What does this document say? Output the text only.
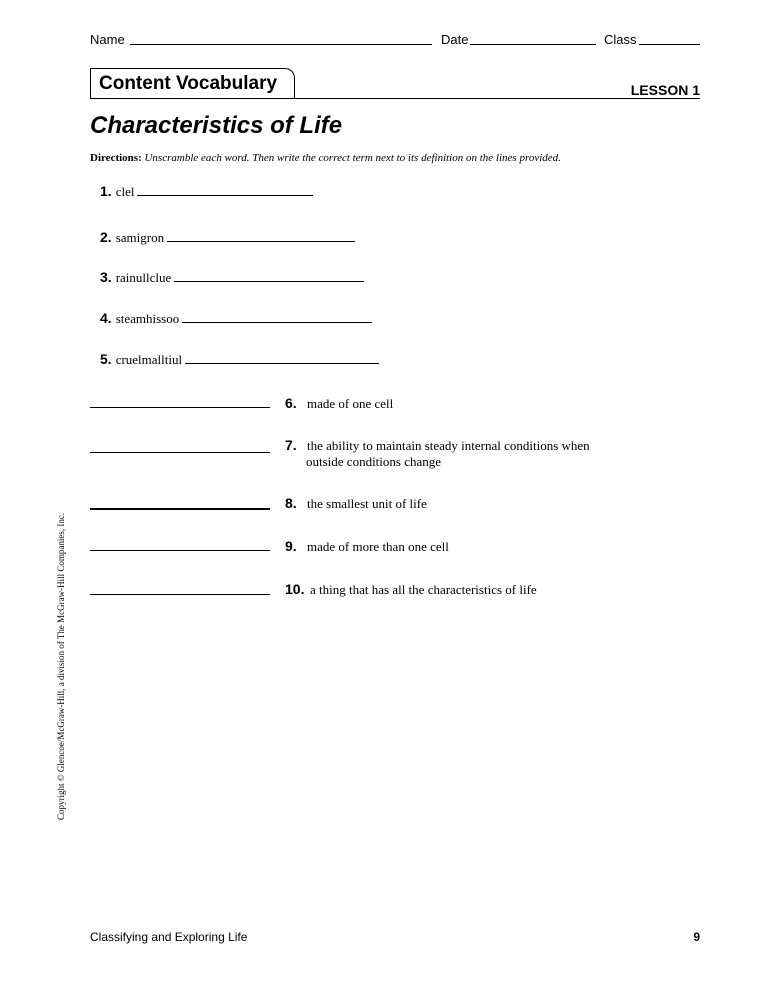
Name	Date	Class
Content Vocabulary	LESSON 1
Characteristics of Life
Directions: Unscramble each word. Then write the correct term next to its definition on the lines provided.
1. clel
2. samigron
3. rainullclue
4. steamhissoo
5. cruelmalltiul
6. made of one cell
7. the ability to maintain steady internal conditions when
outside conditions change
8. the smallest unit of life
9. made of more than one cell
10. a thing that has all the characteristics of life
Copyright © Glencoe/McGraw-Hill, a division of The McGraw-Hill Companies, Inc.
Classifying and Exploring Life	9
